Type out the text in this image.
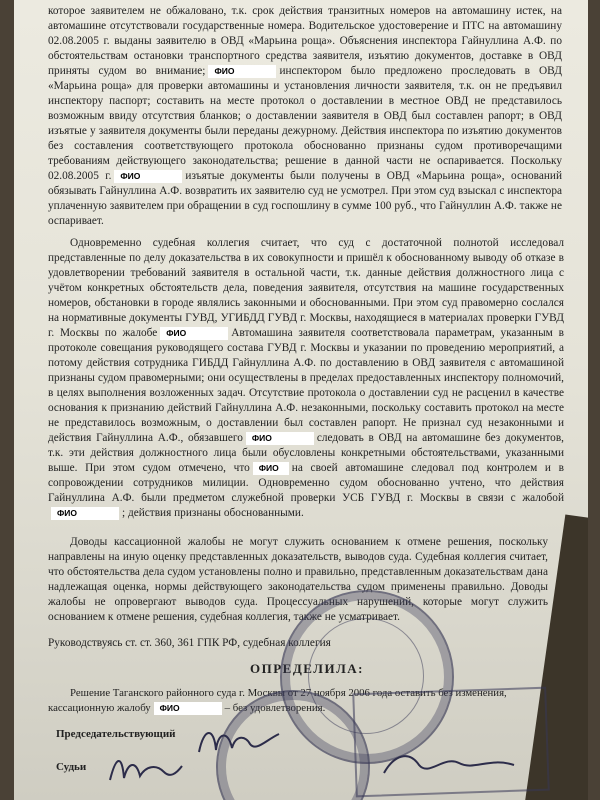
которое заявителем не обжаловано, т.к. срок действия транзитных номеров на автомашину истек, на автомашине отсутствовали государственные номера. Водительское удостоверение и ПТС на автомашину 02.08.2005 г. выданы заявителю в ОВД «Марьина роща». Объяснения инспектора Гайнуллина А.Ф. по обстоятельствам остановки транспортного средства заявителя, изъятию документов, доставке в ОВД приняты судом во внимание; ФИО	инспектором было предложено проследовать в ОВД «Марьина роща» для проверки автомашины и установления личности заявителя, т.к. он не предъявил инспектору паспорт; составить на месте протокол о доставлении в местное ОВД не представилось возможным ввиду отсутствия бланков; о доставлении заявителя в ОВД был составлен рапорт; в ОВД изъятые у заявителя документы были переданы дежурному. Действия инспектора по изъятию документов без составления соответствующего протокола обоснованно признаны судом противоречащими требованиям действующего законодательства; решение в данной части не оспаривается. Поскольку 02.08.2005 г. ФИО	изъятые документы были получены в ОВД «Марьина роща», оснований обязывать Гайнуллина А.Ф. возвратить их заявителю суд не усмотрел. При этом суд взыскал с инспектора уплаченную заявителем при обращении в суд госпошлину в сумме 100 руб., что Гайнуллин А.Ф. также не оспаривает.

Одновременно судебная коллегия считает, что суд с достаточной полнотой исследовал представленные по делу доказательства в их совокупности и пришёл к обоснованному выводу об отказе в удовлетворении требований заявителя в остальной части, т.к. данные действия должностного лица с учётом конкретных обстоятельств дела, поведения заявителя, отсутствия на машине государственных номеров, обстановки в городе являлись законными и обоснованными. При этом суд правомерно сослался на нормативные документы ГУВД, УГИБДД ГУВД г. Москвы, находящиеся в материалах проверки ГУВД г. Москвы по жалобе ФИО	Автомашина заявителя соответствовала параметрам, указанным в протоколе совещания руководящего состава ГУВД г. Москвы и указании по проведению мероприятий, а потому действия сотрудника ГИБДД Гайнуллина А.Ф. по доставлению в ОВД заявителя с автомашиной признаны судом правомерными; они осуществлены в пределах предоставленных инспектору полномочий, в целях выполнения возложенных задач. Отсутствие протокола о доставлении суд не расценил в качестве основания к признанию действий Гайнуллина А.Ф. незаконными, поскольку составить протокол на месте не представилось возможным, о доставлении был составлен рапорт. Не признал суд незаконными и действия Гайнуллина А.Ф., обязавшего ФИО	следовать в ОВД на автомашине без документов, т.к. эти действия должностного лица были обусловлены конкретными обстоятельствами, указанными выше. При этом судом отмечено, что ФИО на своей автомашине следовал под контролем и в сопровождении сотрудников милиции. Одновременно судом обоснованно учтено, что действия Гайнуллина А.Ф. были предметом служебной проверки УСБ ГУВД г. Москвы в связи с жалобойФИО	; действия признаны обоснованными.

Доводы кассационной жалобы не могут служить основанием к отмене решения, поскольку направлены на иную оценку представленных доказательств, выводов суда. Судебная коллегия считает, что обстоятельства дела судом установлены полно и правильно, представленным доказательствам дана надлежащая оценка, нормы действующего законодательства судом применены правильно. Доводы жалобы не опровергают выводов суда. Процессуальных нарушений, которые могут служить основанием к отмене решения, судебная коллегия, также не усматривает.

Руководствуясь ст. ст. 360, 361 ГПК РФ, судебная коллегия

ОПРЕДЕЛИЛА:

Решение Таганского районного суда г. Москвы от 27 ноября 2006 года оставить без изменения,

кассационную жалобу ФИО	– без удовлетворения.

Председательствующий
Судьи
